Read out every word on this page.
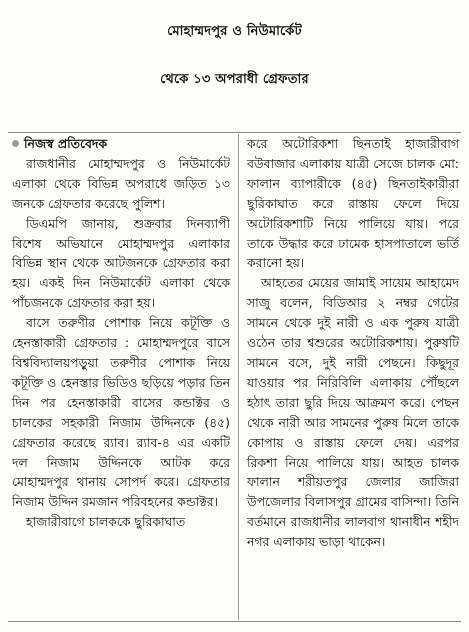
মোহাম্মদপুর ও নিউমার্কেট
থেকে ১৩ অপরাধী গ্রেফতার

নিজস্ব প্রতিবেদক

রাজধানীর মোহাম্মদপুর ও নিউমার্কেট এলাকা থেকে বিভিন্ন অপরাধে জড়িত ১৩ জনকে গ্রেফতার করেছে পুলিশ।

ডিএমপি জানায়, শুক্রবার দিনব্যাপী বিশেষ অভিযানে মোহাম্মদপুর এলাকার বিভিন্ন স্থান থেকে আটজনকে গ্রেফতার করা হয়। একই দিন নিউমার্কেট এলাকা থেকে পাঁচজনকে গ্রেফতার করা হয়।

বাসে তরুণীর পোশাক নিয়ে কটূক্তি ও হেনস্তাকারী গ্রেফতার : মোহাম্মদপুরে বাসে বিশ্ববিদ্যালয়পড়ুয়া তরুণীর পোশাক নিয়ে কটূক্তি ও হেনস্তার ভিডিও ছড়িয়ে পড়ার তিন দিন পর হেনস্তাকারী বাসের কন্ডাক্টর ও চালকের সহকারী নিজাম উদ্দিনকে (৪৫) গ্রেফতার করেছে র‍্যাব। র‍্যাব-৪ এর একটি দল নিজাম উদ্দিনকে আটক করে মোহাম্মদপুর থানায় সোপর্দ করে। গ্রেফতার নিজাম উদ্দিন রমজান পরিবহনের কন্ডাক্টর।

হাজারীবাগে চালককে ছুরিকাঘাত

করে অটোরিকশা ছিনতাই হাজারীবাগ বউবাজার এলাকায় যাত্রী সেজে চালক মো: ফালান ব্যাপারীকে (৪৫) ছিনতাইকারীরা ছুরিকাঘাত করে রাস্তায় ফেলে দিয়ে অটোরিকশাটি নিয়ে পালিয়ে যায়। পরে তাকে উদ্ধার করে ঢামেক হাসপাতালে ভর্তি করানো হয়।

আহতের মেয়ের জামাই সায়েম আহামেদ সাজু বলেন, বিডিআর ২ নম্বর গেটের সামনে থেকে দুই নারী ও এক পুরুষ যাত্রী ওঠেন তার শ্বশুরের অটোরিকশায়। পুরুষটি সামনে বসে, দুই নারী পেছনে। কিছুদূর যাওয়ার পর নিরিবিলি এলাকায় পৌঁছলে হঠাৎ তারা ছুরি দিয়ে আক্রমণ করে। পেছন থেকে নারী আর সামনের পুরুষ মিলে তাকে কোপায় ও রাস্তায় ফেলে দেয়। এরপর রিকশা নিয়ে পালিয়ে যায়। আহত চালক ফালান শরীয়তপুর জেলার জাজিরা উপজেলার বিলাসপুর গ্রামের বাসিন্দা। তিনি বর্তমানে রাজধানীর লালবাগ থানাধীন শহীদ নগর এলাকায় ভাড়া থাকেন।
